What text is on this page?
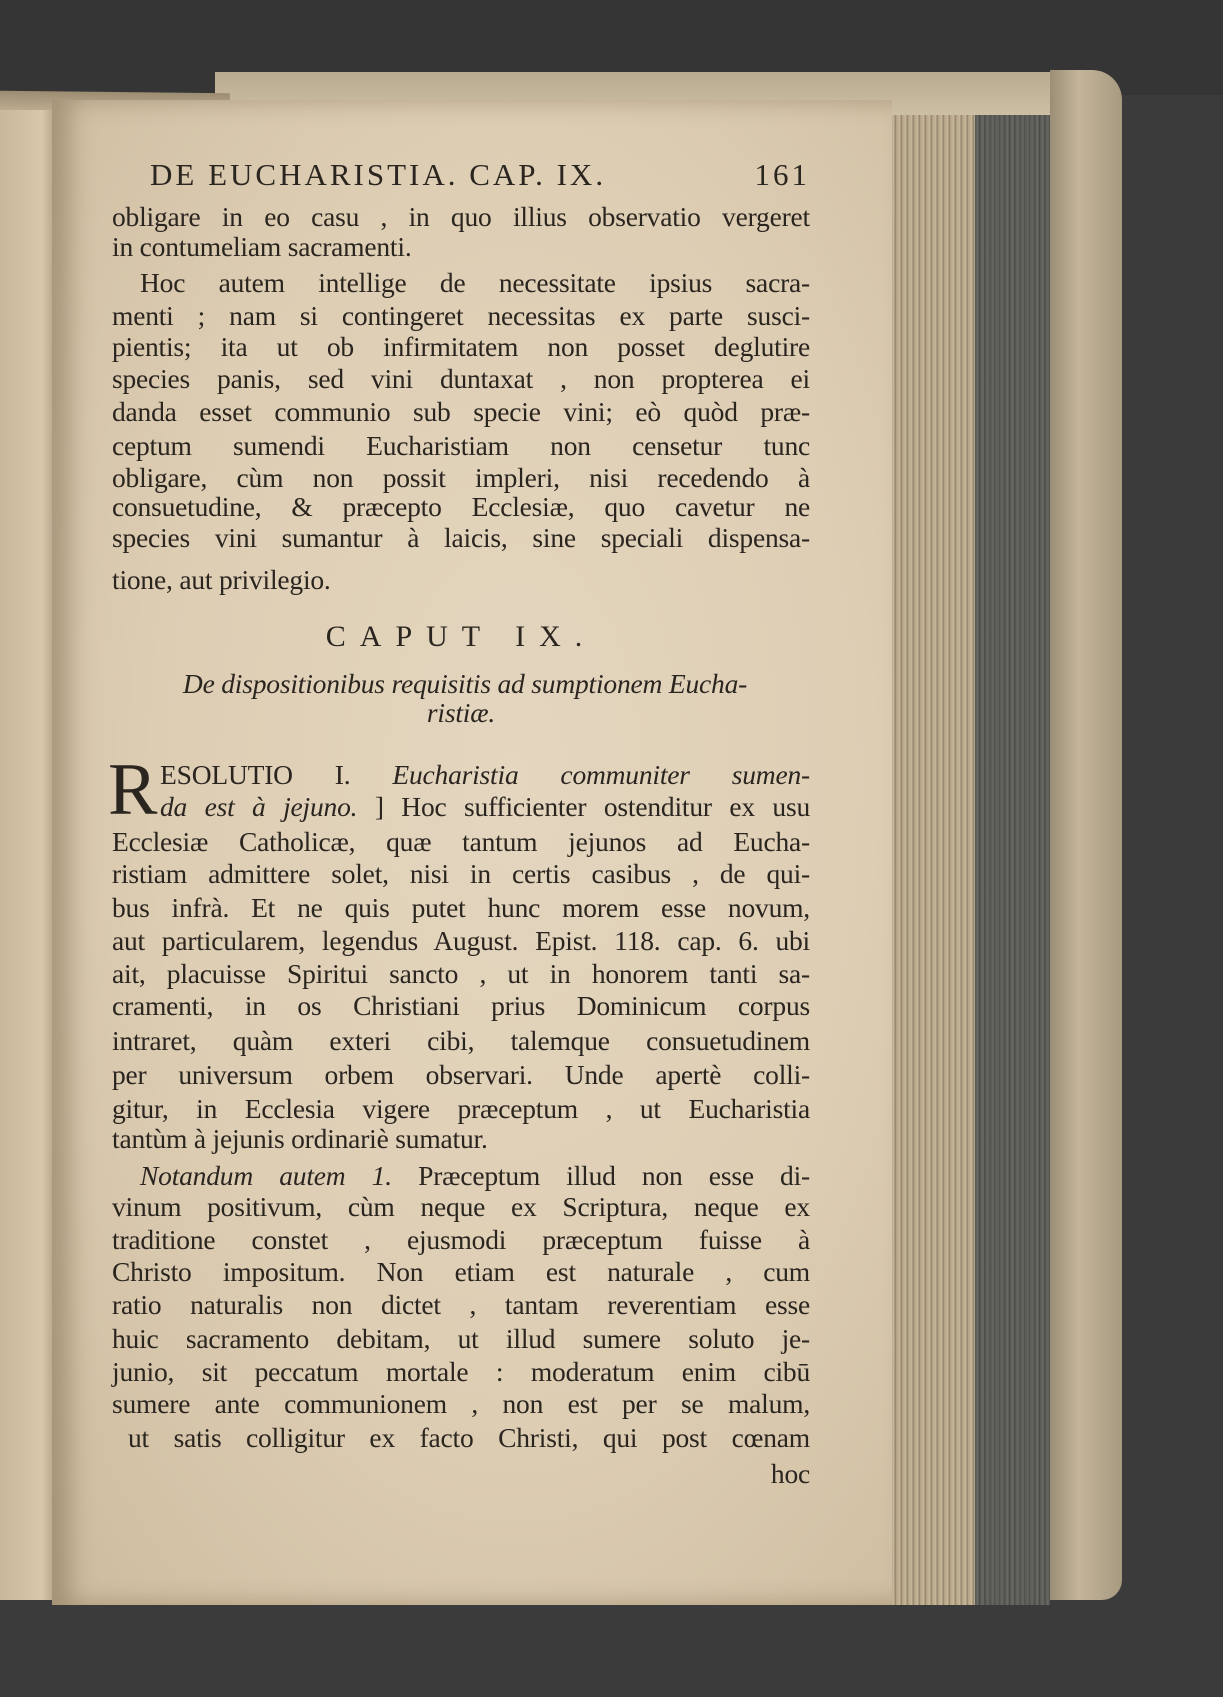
DE EUCHARISTIA. CAP. IX.	161
obligare in eo casu , in quo illius observatio vergeret
in contumeliam sacramenti.
Hoc autem intellige de necessitate ipsius sacra-
menti ; nam si contingeret necessitas ex parte susci-
pientis; ita ut ob infirmitatem non posset deglutire
species panis, sed vini duntaxat , non propterea ei
danda esset communio sub specie vini; eò quòd præ-
ceptum sumendi Eucharistiam non censetur tunc
obligare, cùm non possit impleri, nisi recedendo à
consuetudine, & præcepto Ecclesiæ, quo cavetur ne
species vini sumantur à laicis, sine speciali dispensa-
tione, aut privilegio.
CAPUT IX.
De dispositionibus requisitis ad sumptionem Eucha-
ristiæ.
ESOLUTIO I. Eucharistia communiter sumen-
da est à jejuno. ] Hoc sufficienter ostenditur ex usu
Ecclesiæ Catholicæ, quæ tantum jejunos ad Eucha-
ristiam admittere solet, nisi in certis casibus , de qui-
bus infrà. Et ne quis putet hunc morem esse novum,
aut particularem, legendus August. Epist. 118. cap. 6. ubi
ait, placuisse Spiritui sancto , ut in honorem tanti sa-
cramenti, in os Christiani prius Dominicum corpus
intraret, quàm exteri cibi, talemque consuetudinem
per universum orbem observari. Unde apertè colli-
gitur, in Ecclesia vigere præceptum , ut Eucharistia
tantùm à jejunis ordinariè sumatur.
Notandum autem 1. Præceptum illud non esse di-
vinum positivum, cùm neque ex Scriptura, neque ex
traditione constet , ejusmodi præceptum fuisse à
Christo impositum. Non etiam est naturale , cum
ratio naturalis non dictet , tantam reverentiam esse
huic sacramento debitam, ut illud sumere soluto je-
junio, sit peccatum mortale : moderatum enim cibū
sumere ante communionem , non est per se malum,
ut satis colligitur ex facto Christi, qui post cœnam
hoc
R
